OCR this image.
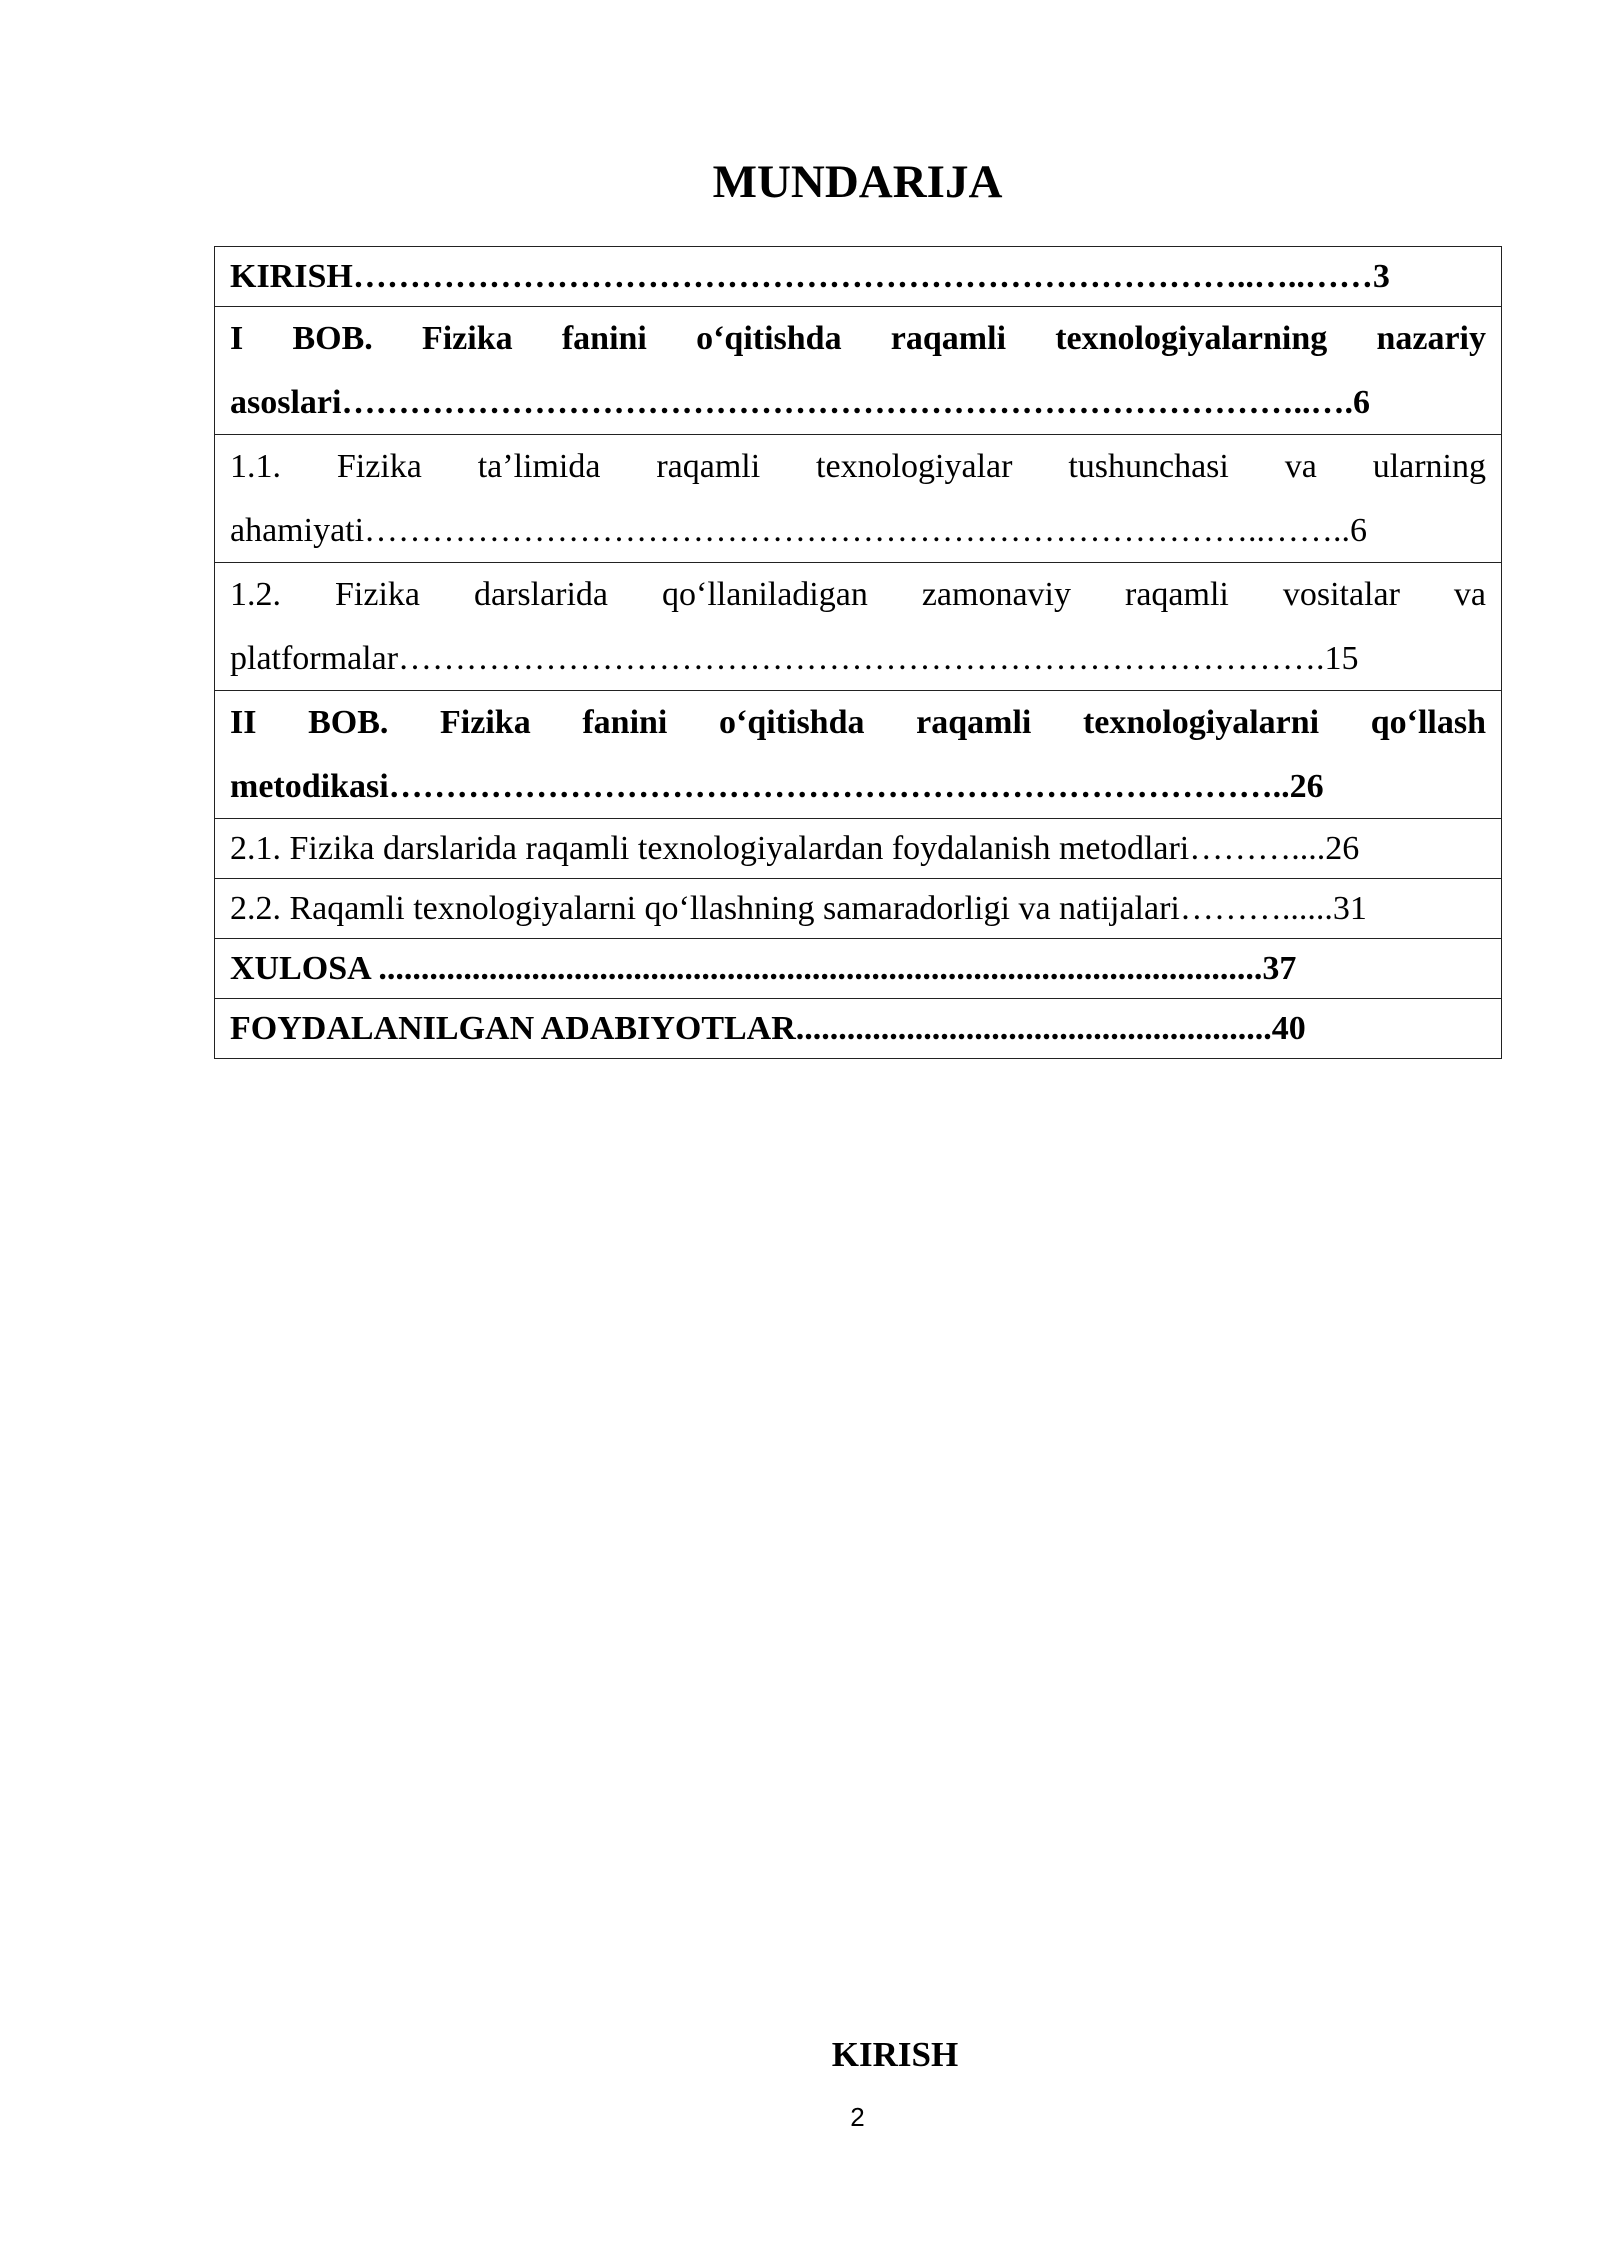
MUNDARIJA
KIRISH……………………………………………………………………..…..……3
I BOB. Fizika fanini o‘qitishda raqamli texnologiyalarning nazariy asoslari…………………………………………………………………………..….6
1.1. Fizika ta’limida raqamli texnologiyalar tushunchasi va ularning ahamiyati……………………………………………………………………..……..6
1.2. Fizika darslarida qo‘llaniladigan zamonaviy raqamli vositalar va platformalar……………………………………………………………………….15
II BOB. Fizika fanini o‘qitishda raqamli texnologiyalarni qo‘llash metodikasi……………………………………………………………………..26
2.1. Fizika darslarida raqamli texnologiyalardan foydalanish metodlari………....26
2.2. Raqamli texnologiyalarni qo‘llashning samaradorligi va natijalari………......31
XULOSA ........................................................................................................37
FOYDALANILGAN ADABIYOTLAR........................................................40
KIRISH
2
